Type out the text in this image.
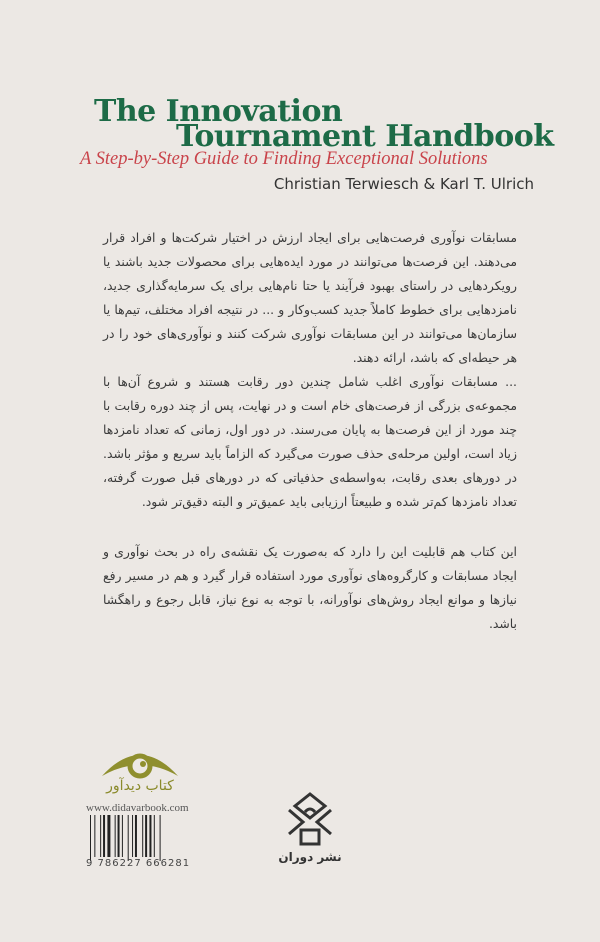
The Innovation
Tournament Handbook
A Step-by-Step Guide to Finding Exceptional Solutions
Christian Terwiesch & Karl T. Ulrich
مسابقات نوآوری فرصت‌هایی برای ایجاد ارزش در اختیار شرکت‌ها و افراد قرار می‌دهند. این فرصت‌ها می‌توانند در مورد ایده‌هایی برای محصولات جدید باشند یا رویکردهایی در راستای بهبود فرآیند یا حتا نام‌هایی برای یک سرمایه‌گذاری جدید، نامزدهایی برای خطوط کاملاً جدید کسب‌وکار و ... در نتیجه افراد مختلف، تیم‌ها یا سازمان‌ها می‌توانند در این مسابقات نوآوری شرکت کنند و نوآوری‌های خود را در هر حیطه‌ای که باشد، ارائه دهند.
... مسابقات نوآوری اغلب شامل چندین دور رقابت هستند و شروع آن‌ها با مجموعه‌ی بزرگی از فرصت‌های خام است و در نهایت، پس از چند دوره رقابت با چند مورد از این فرصت‌ها به پایان می‌رسند. در دور اول، زمانی که تعداد نامزدها زیاد است، اولین مرحله‌ی حذف صورت می‌گیرد که الزاماً باید سریع و مؤثر باشد. در دورهای بعدی رقابت، به‌واسطه‌ی حذفیاتی که در دورهای قبل صورت گرفته، تعداد نامزدها کم‌تر شده و طبیعتاً ارزیابی باید عمیق‌تر و البته دقیق‌تر شود.
این کتاب هم قابلیت این را دارد که به‌صورت یک نقشه‌ی راه در بحث نوآوری و ایجاد مسابقات و کارگروه‌های نوآوری مورد استفاده قرار گیرد و هم در مسیر رفع نیازها و موانع ایجاد روش‌های نوآورانه، با توجه به نوع نیاز، قابل رجوع و راهگشا باشد.
کتاب دیدآور
www.didavarbook.com
9 786227 666281	نشر دوران
